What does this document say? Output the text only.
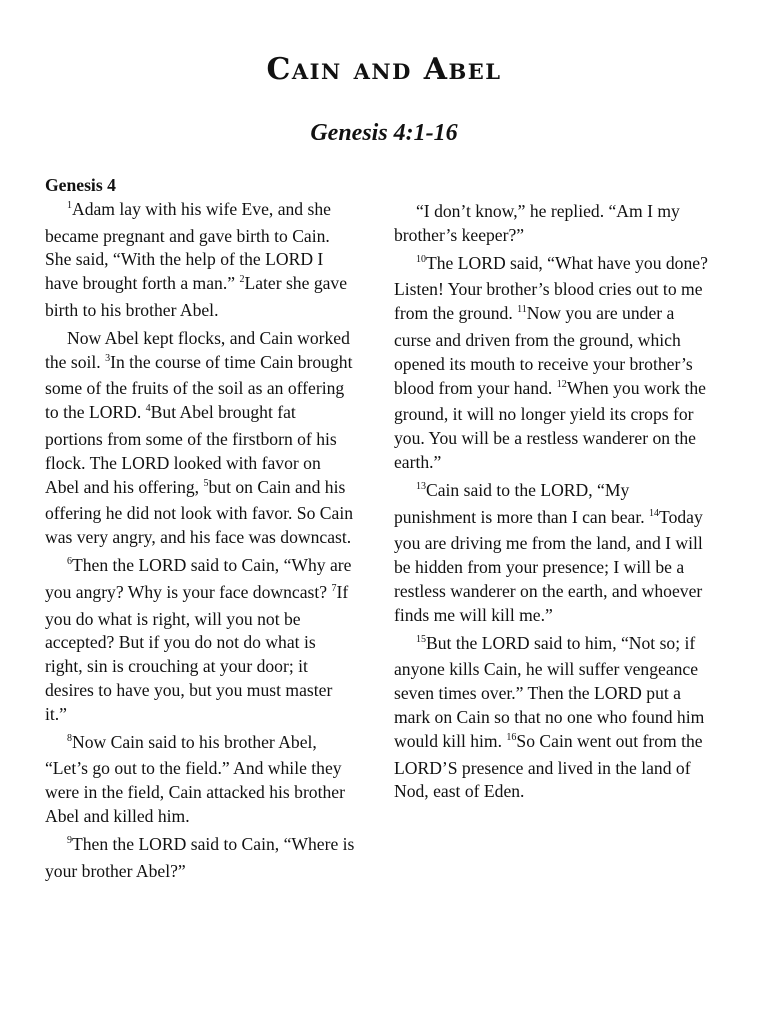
Cain and Abel
Genesis 4:1-16
Genesis 4

$^1$Adam lay with his wife Eve, and she became pregnant and gave birth to Cain. She said, “With the help of the LORD I have brought forth a man.” $^2$Later she gave birth to his brother Abel.

Now Abel kept flocks, and Cain worked the soil. $^3$In the course of time Cain brought some of the fruits of the soil as an offering to the LORD. $^4$But Abel brought fat portions from some of the firstborn of his flock. The LORD looked with favor on Abel and his offering, $^5$but on Cain and his offering he did not look with favor. So Cain was very angry, and his face was downcast.

$^6$Then the LORD said to Cain, “Why are you angry? Why is your face downcast? $^7$If you do what is right, will you not be accepted? But if you do not do what is right, sin is crouching at your door; it desires to have you, but you must master it.”

$^8$Now Cain said to his brother Abel, “Let’s go out to the field.” And while they were in the field, Cain attacked his brother Abel and killed him.

$^9$Then the LORD said to Cain, “Where is your brother Abel?”

“I don’t know,” he replied. “Am I my brother’s keeper?”

$^{10}$The LORD said, “What have you done? Listen! Your brother’s blood cries out to me from the ground. $^{11}$Now you are under a curse and driven from the ground, which opened its mouth to receive your brother’s blood from your hand. $^{12}$When you work the ground, it will no longer yield its crops for you. You will be a restless wanderer on the earth.”

$^{13}$Cain said to the LORD, “My punishment is more than I can bear. $^{14}$Today you are driving me from the land, and I will be hidden from your presence; I will be a restless wanderer on the earth, and whoever finds me will kill me.”

$^{15}$But the LORD said to him, “Not so; if anyone kills Cain, he will suffer vengeance seven times over.” Then the LORD put a mark on Cain so that no one who found him would kill him. $^{16}$So Cain went out from the LORD’S presence and lived in the land of Nod, east of Eden.
